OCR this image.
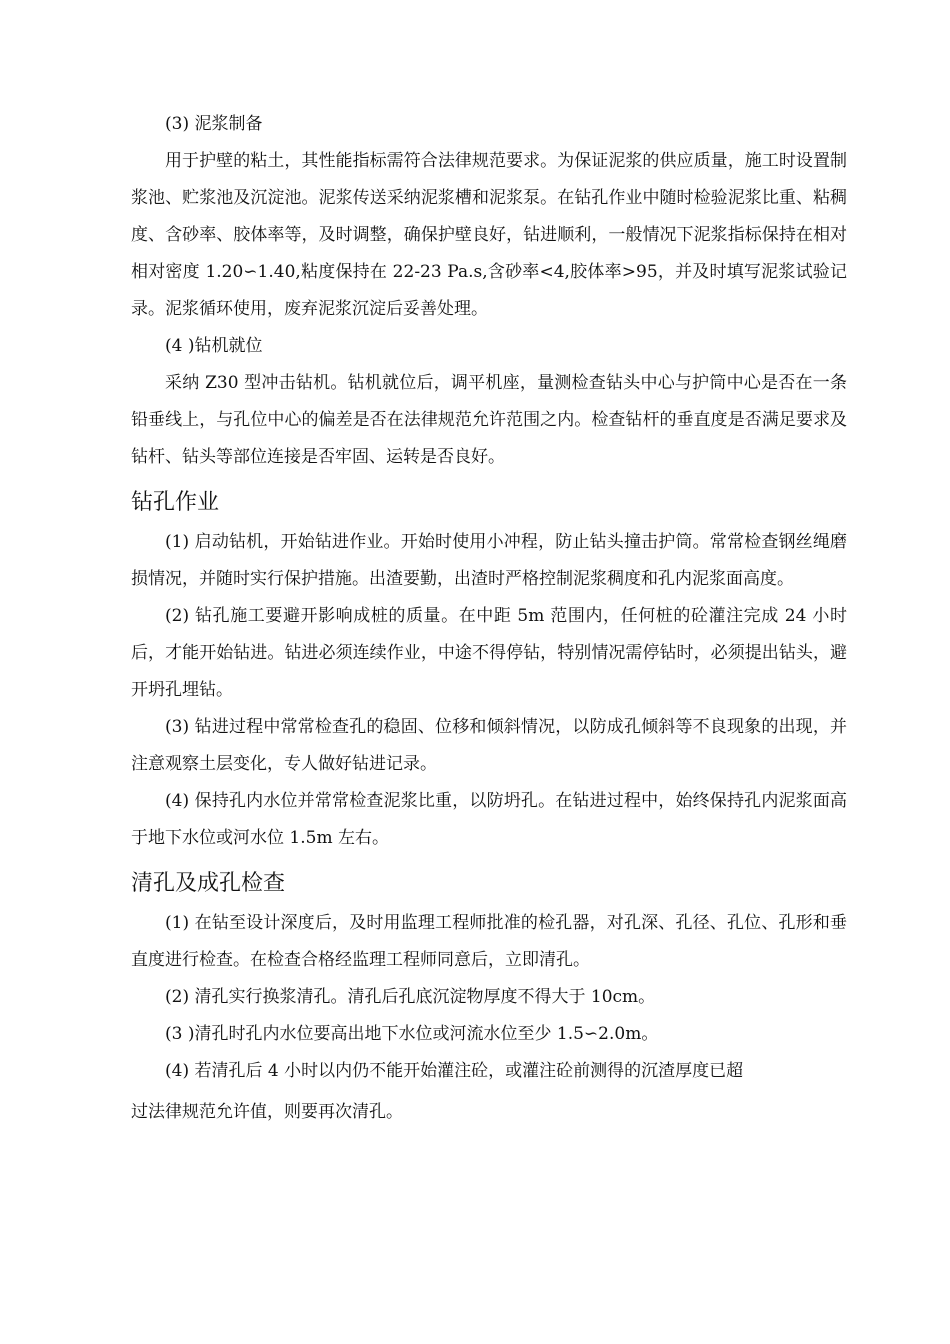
(3) 泥浆制备

用于护壁的粘土，其性能指标需符合法律规范要求。为保证泥浆的供应质量，施工时设置制浆池、贮浆池及沉淀池。泥浆传送采纳泥浆槽和泥浆泵。在钻孔作业中随时检验泥浆比重、粘稠度、含砂率、胶体率等，及时调整，确保护壁良好，钻进顺利，一般情况下泥浆指标保持在相对相对密度 1.20∽1.40,粘度保持在 22-23 Pa.s,含砂率<4,胶体率>95，并及时填写泥浆试验记录。泥浆循环使用，废弃泥浆沉淀后妥善处理。

(4 )钻机就位

采纳 Z30 型冲击钻机。钻机就位后，调平机座，量测检查钻头中心与护筒中心是否在一条铅垂线上，与孔位中心的偏差是否在法律规范允许范围之内。检查钻杆的垂直度是否满足要求及钻杆、钻头等部位连接是否牢固、运转是否良好。

钻孔作业

(1) 启动钻机，开始钻进作业。开始时使用小冲程，防止钻头撞击护筒。常常检查钢丝绳磨损情况，并随时实行保护措施。出渣要勤，出渣时严格控制泥浆稠度和孔内泥浆面高度。

(2) 钻孔施工要避开影响成桩的质量。在中距 5m 范围内，任何桩的砼灌注完成 24 小时后，才能开始钻进。钻进必须连续作业，中途不得停钻，特别情况需停钻时，必须提出钻头，避开坍孔埋钻。

(3) 钻进过程中常常检查孔的稳固、位移和倾斜情况，以防成孔倾斜等不良现象的出现，并注意观察土层变化，专人做好钻进记录。

(4) 保持孔内水位并常常检查泥浆比重，以防坍孔。在钻进过程中，始终保持孔内泥浆面高于地下水位或河水位 1.5m 左右。

清孔及成孔检查

(1) 在钻至设计深度后，及时用监理工程师批准的检孔器，对孔深、孔径、孔位、孔形和垂直度进行检查。在检查合格经监理工程师同意后，立即清孔。

(2) 清孔实行换浆清孔。清孔后孔底沉淀物厚度不得大于 10cm。

(3 )清孔时孔内水位要高出地下水位或河流水位至少 1.5∽2.0m。

(4) 若清孔后 4 小时以内仍不能开始灌注砼，或灌注砼前测得的沉渣厚度已超

过法律规范允许值，则要再次清孔。
